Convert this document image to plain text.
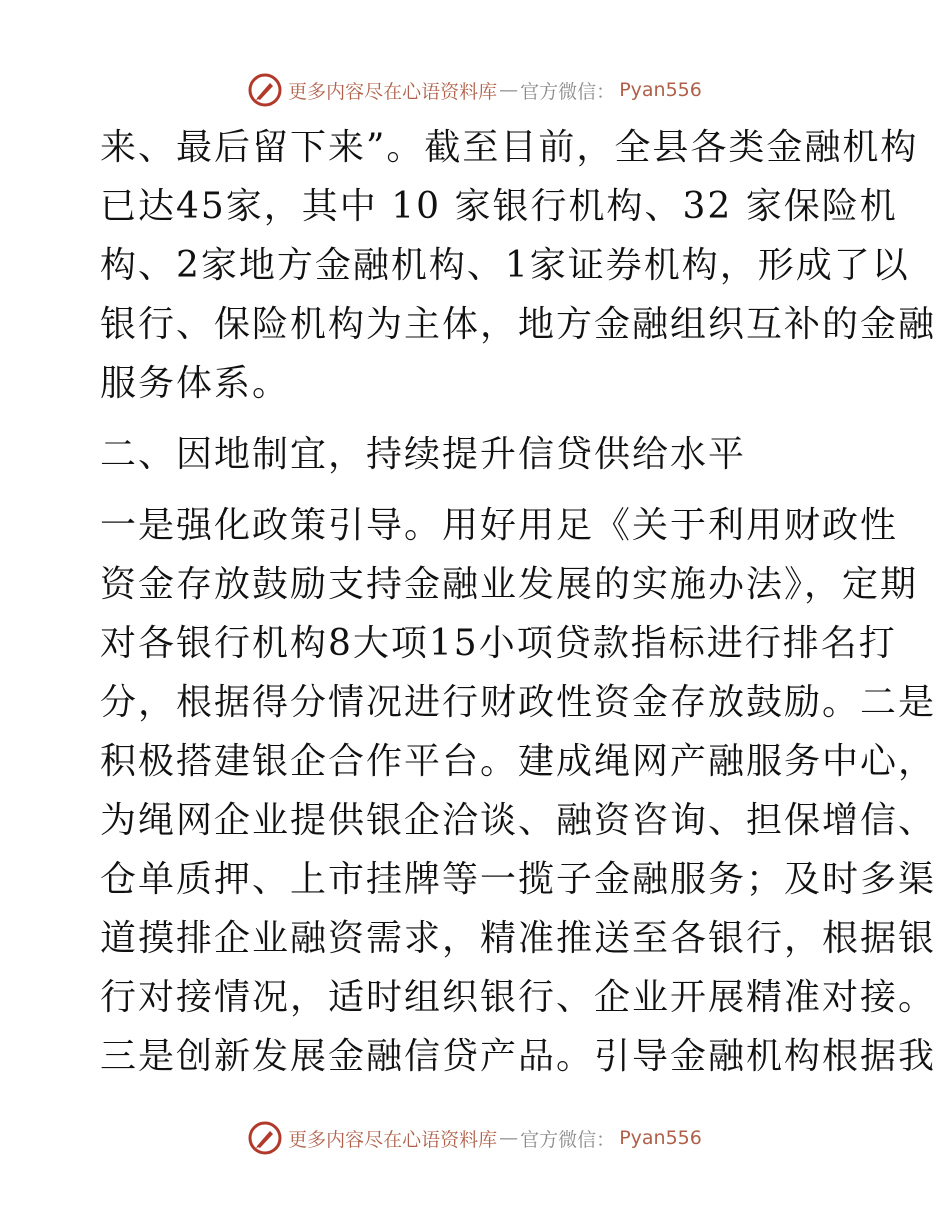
更多内容尽在心语资料库 — 官方微信： Pyan556
来、最后留下来”。截至目前，全县各类金融机构
已达45家，其中 10 家银行机构、32 家保险机
构、2家地方金融机构、1家证券机构，形成了以
银行、保险机构为主体，地方金融组织互补的金融
服务体系。
二、因地制宜，持续提升信贷供给水平
一是强化政策引导。用好用足《关于利用财政性
资金存放鼓励支持金融业发展的实施办法》，定期
对各银行机构8大项15小项贷款指标进行排名打
分，根据得分情况进行财政性资金存放鼓励。二是
积极搭建银企合作平台。建成绳网产融服务中心，
为绳网企业提供银企洽谈、融资咨询、担保增信、
仓单质押、上市挂牌等一揽子金融服务；及时多渠
道摸排企业融资需求，精准推送至各银行，根据银
行对接情况，适时组织银行、企业开展精准对接。
三是创新发展金融信贷产品。引导金融机构根据我
更多内容尽在心语资料库 — 官方微信： Pyan556
